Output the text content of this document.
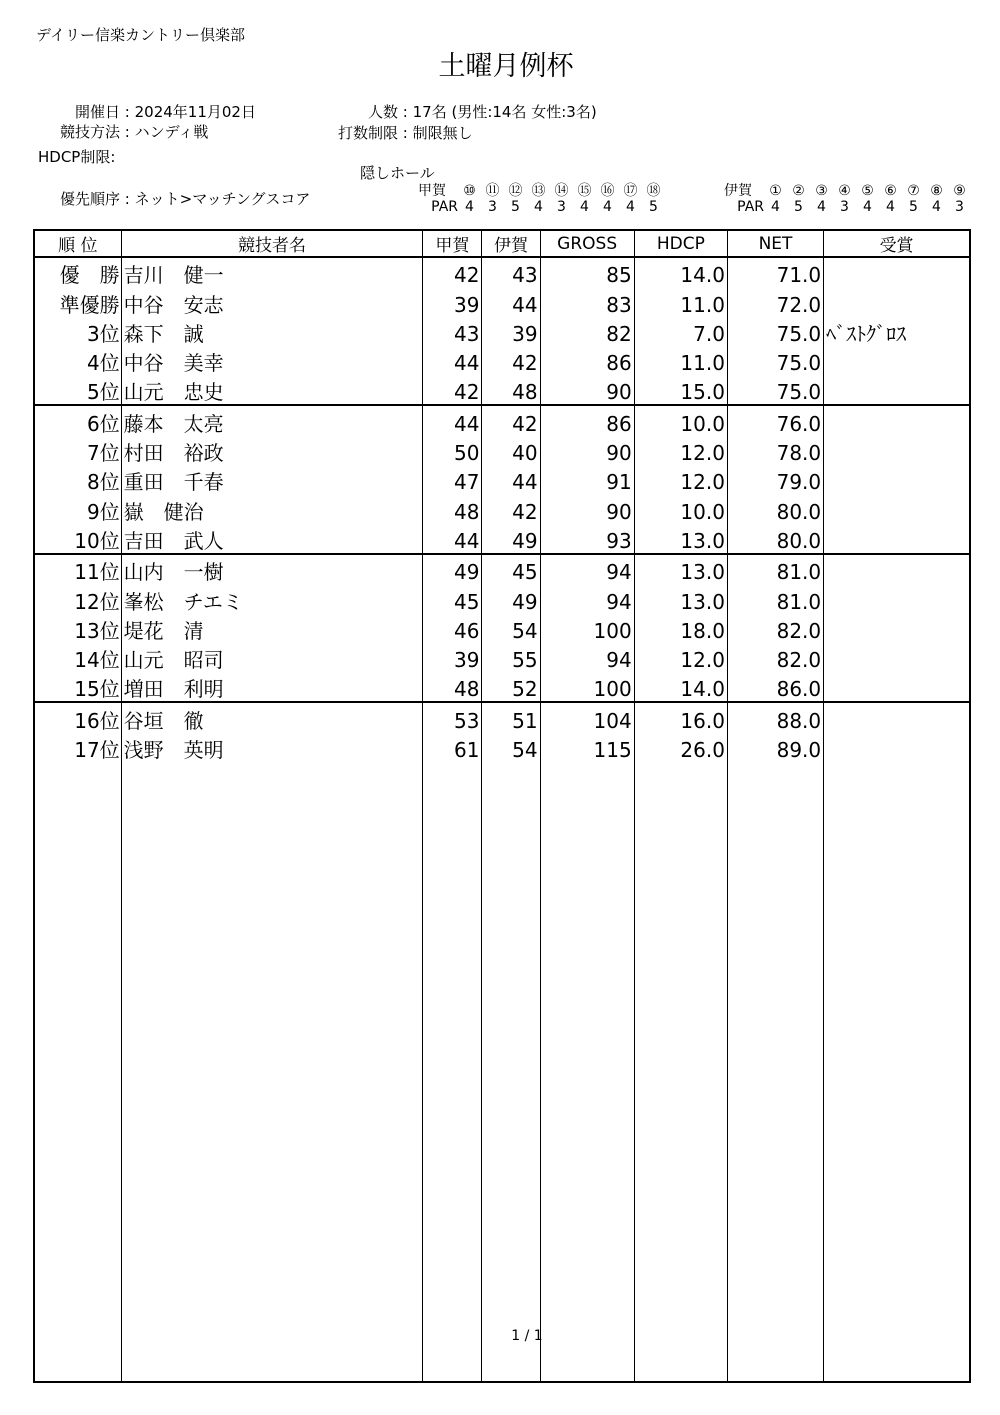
デイリー信楽カントリー倶楽部
土曜月例杯
開催日 : 2024年11月02日	人数 : 17名 (男性:14名 女性:3名)
競技方法 : ハンディ戦	打数制限 : 制限無し
HDCP制限:
優先順序 : ネット>マッチングスコア
隠しホール
甲賀 ⑩ ⑪ ⑫ ⑬ ⑭ ⑮ ⑯ ⑰ ⑱
PAR 4 3 5 4 3 4 4 4 5
伊賀 ① ② ③ ④ ⑤ ⑥ ⑦ ⑧ ⑨
PAR 4 5 4 3 4 4 5 4 3
順 位	競技者名	甲賀	伊賀	GROSS	HDCP	NET	受賞
優　勝	吉川　健一	42	43	85	14.0	71.0	
準優勝	中谷　安志	39	44	83	11.0	72.0	
3位	森下　誠	43	39	82	7.0	75.0	ﾍﾞｽﾄｸﾞﾛｽ
4位	中谷　美幸	44	42	86	11.0	75.0	
5位	山元　忠史	42	48	90	15.0	75.0	
6位	藤本　太亮	44	42	86	10.0	76.0	
7位	村田　裕政	50	40	90	12.0	78.0	
8位	重田　千春	47	44	91	12.0	79.0	
9位	嶽　健治	48	42	90	10.0	80.0	
10位	吉田　武人	44	49	93	13.0	80.0	
11位	山内　一樹	49	45	94	13.0	81.0	
12位	峯松　チエミ	45	49	94	13.0	81.0	
13位	堤花　清	46	54	100	18.0	82.0	
14位	山元　昭司	39	55	94	12.0	82.0	
15位	増田　利明	48	52	100	14.0	86.0	
16位	谷垣　徹	53	51	104	16.0	88.0	
17位	浅野　英明	61	54	115	26.0	89.0	

1 / 1
